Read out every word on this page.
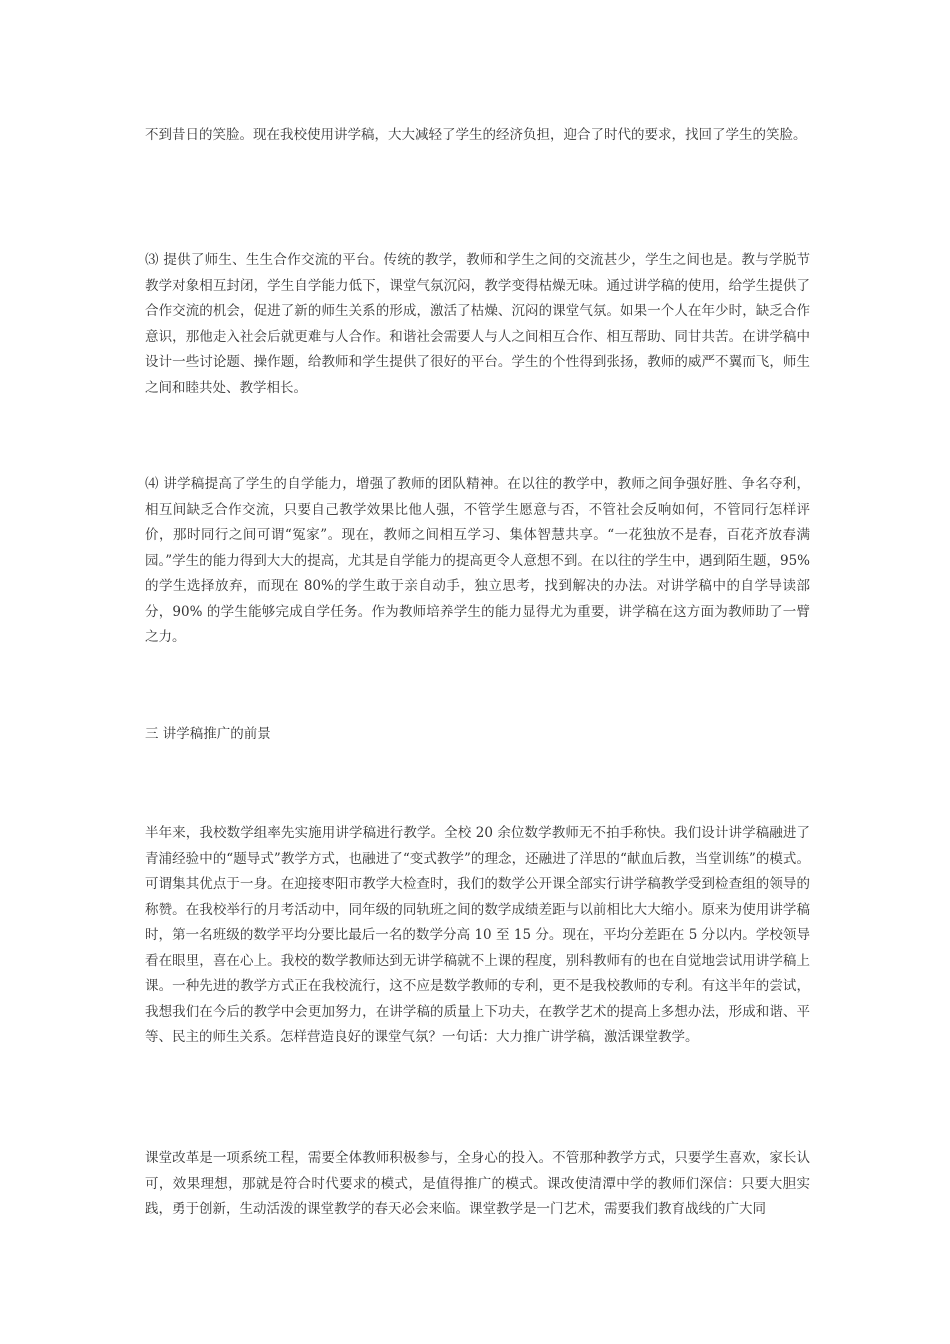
不到昔日的笑脸。现在我校使用讲学稿，大大减轻了学生的经济负担，迎合了时代的要求，找回了学生的笑脸。

⑶ 提供了师生、生生合作交流的平台。传统的教学，教师和学生之间的交流甚少，学生之间也是。教与学脱节教学对象相互封闭，学生自学能力低下，课堂气氛沉闷，教学变得枯燥无味。通过讲学稿的使用，给学生提供了合作交流的机会，促进了新的师生关系的形成，激活了枯燥、沉闷的课堂气氛。如果一个人在年少时，缺乏合作意识，那他走入社会后就更难与人合作。和谐社会需要人与人之间相互合作、相互帮助、同甘共苦。在讲学稿中设计一些讨论题、操作题，给教师和学生提供了很好的平台。学生的个性得到张扬，教师的威严不翼而飞，师生之间和睦共处、教学相长。

⑷ 讲学稿提高了学生的自学能力，增强了教师的团队精神。在以往的教学中，教师之间争强好胜、争名夺利，相互间缺乏合作交流，只要自己教学效果比他人强，不管学生愿意与否，不管社会反响如何，不管同行怎样评价，那时同行之间可谓“冤家”。现在，教师之间相互学习、集体智慧共享。“一花独放不是春，百花齐放春满园。”学生的能力得到大大的提高，尤其是自学能力的提高更令人意想不到。在以往的学生中，遇到陌生题，95%的学生选择放弃，而现在 80%的学生敢于亲自动手，独立思考，找到解决的办法。对讲学稿中的自学导读部分，90% 的学生能够完成自学任务。作为教师培养学生的能力显得尤为重要，讲学稿在这方面为教师助了一臂之力。

三 讲学稿推广的前景

半年来，我校数学组率先实施用讲学稿进行教学。全校 20 余位数学教师无不拍手称快。我们设计讲学稿融进了青浦经验中的“题导式”教学方式，也融进了“变式教学”的理念，还融进了洋思的“献血后教，当堂训练”的模式。可谓集其优点于一身。在迎接枣阳市教学大检查时，我们的数学公开课全部实行讲学稿教学受到检查组的领导的称赞。在我校举行的月考活动中，同年级的同轨班之间的数学成绩差距与以前相比大大缩小。原来为使用讲学稿时，第一名班级的数学平均分要比最后一名的数学分高 10 至 15 分。现在，平均分差距在 5 分以内。学校领导看在眼里，喜在心上。我校的数学教师达到无讲学稿就不上课的程度，别科教师有的也在自觉地尝试用讲学稿上课。一种先进的教学方式正在我校流行，这不应是数学教师的专利，更不是我校教师的专利。有这半年的尝试，我想我们在今后的教学中会更加努力，在讲学稿的质量上下功夫，在教学艺术的提高上多想办法，形成和谐、平等、民主的师生关系。怎样营造良好的课堂气氛？一句话：大力推广讲学稿，激活课堂教学。

课堂改革是一项系统工程，需要全体教师积极参与，全身心的投入。不管那种教学方式，只要学生喜欢，家长认可，效果理想，那就是符合时代要求的模式，是值得推广的模式。课改使清潭中学的教师们深信：只要大胆实践，勇于创新，生动活泼的课堂教学的春天必会来临。课堂教学是一门艺术，需要我们教育战线的广大同
